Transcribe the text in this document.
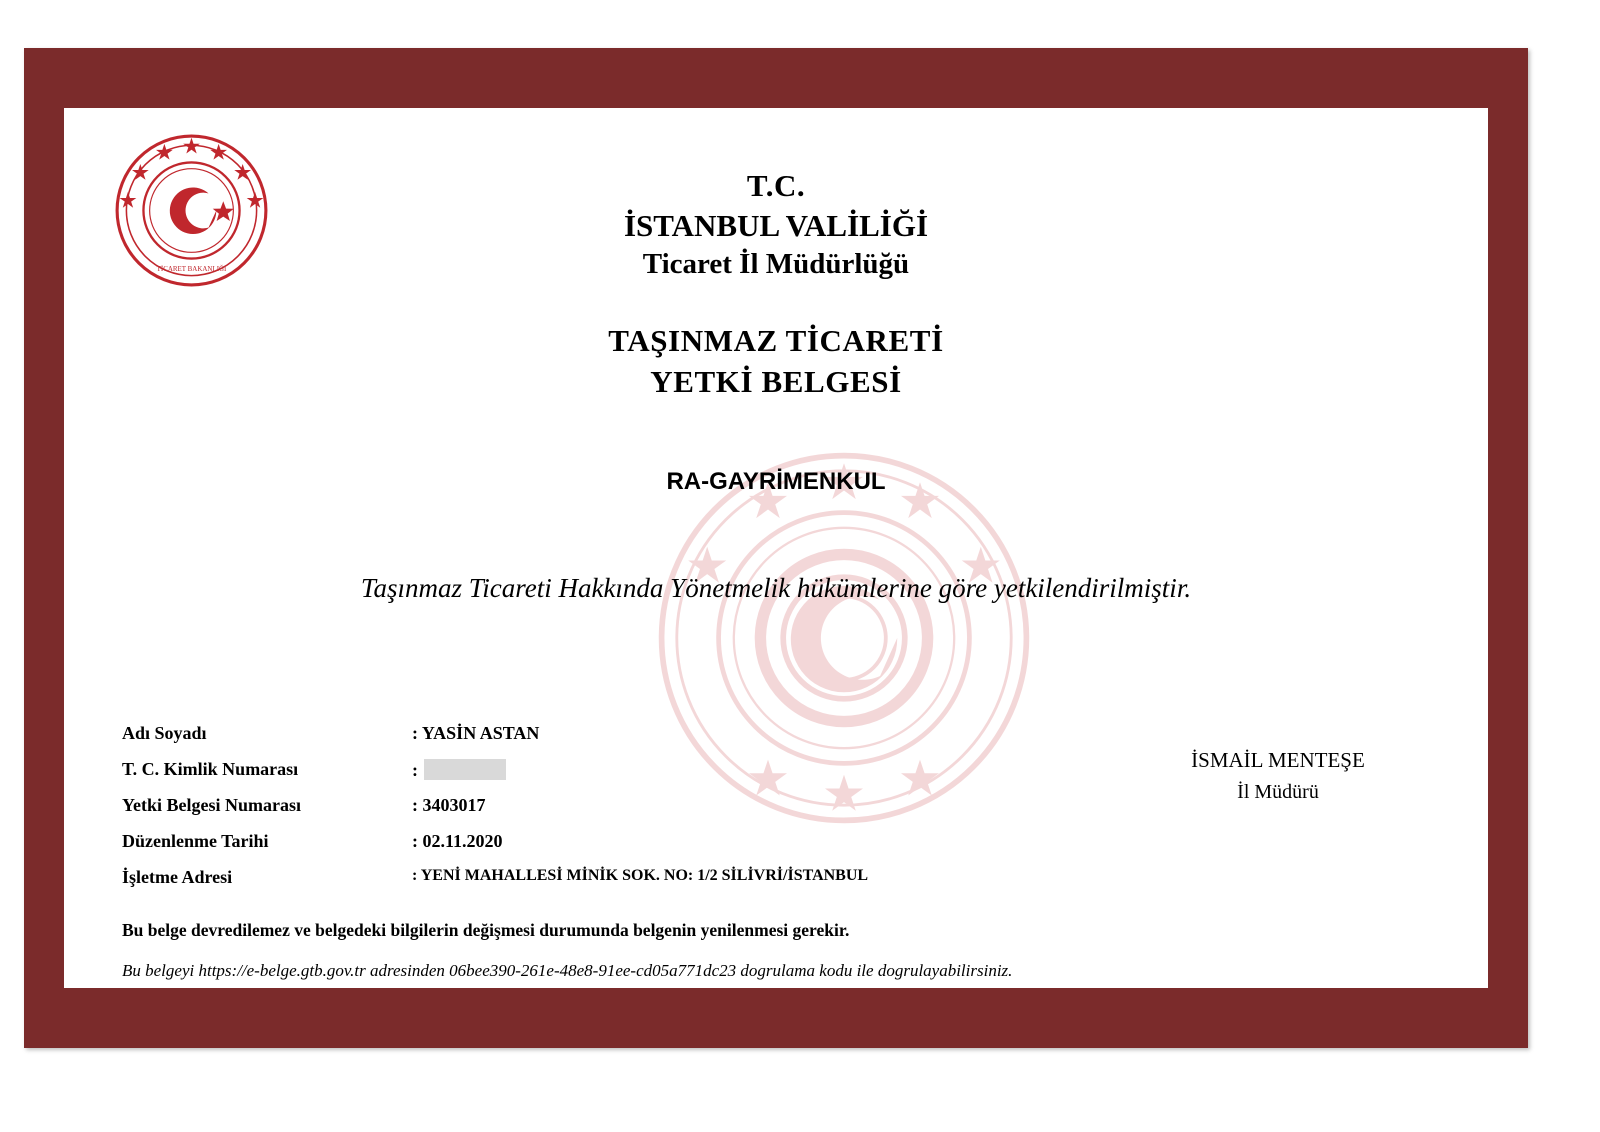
TİCARET BAKANLIĞI
T.C.
İSTANBUL VALİLİĞİ
Ticaret İl Müdürlüğü
TAŞINMAZ TİCARETİ
YETKİ BELGESİ
RA-GAYRİMENKUL
Taşınmaz Ticareti Hakkında Yönetmelik hükümlerine göre yetkilendirilmiştir.
Adı Soyadı	: YASİN ASTAN
T. C. Kimlik Numarası	:
Yetki Belgesi Numarası	: 3403017
Düzenlenme Tarihi	: 02.11.2020
İşletme Adresi	: YENİ MAHALLESİ MİNİK SOK. NO: 1/2 SİLİVRİ/İSTANBUL
Bu belge devredilemez ve belgedeki bilgilerin değişmesi durumunda belgenin yenilenmesi gerekir.
Bu belgeyi https://e-belge.gtb.gov.tr adresinden 06bee390-261e-48e8-91ee-cd05a771dc23 dogrulama kodu ile dogrulayabilirsiniz.
İSMAİL MENTEŞE
İl Müdürü
